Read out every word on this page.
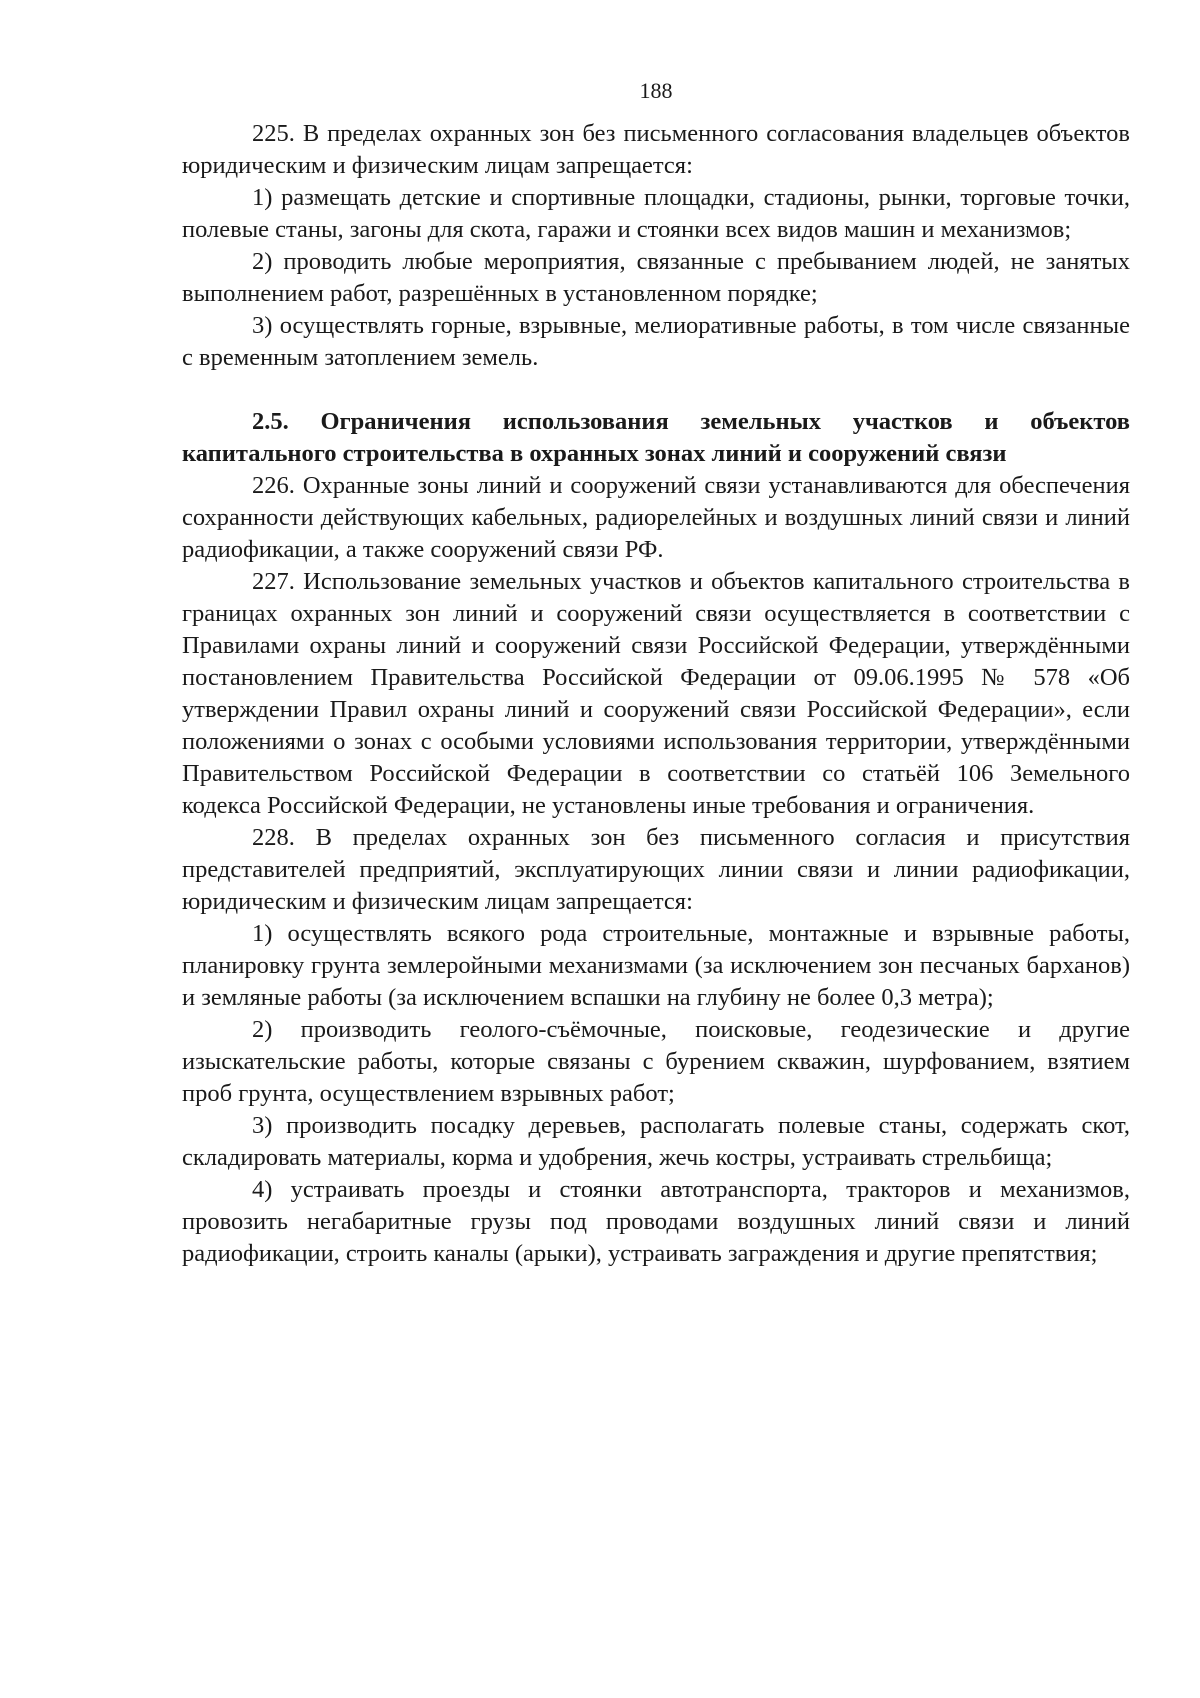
188

225. В пределах охранных зон без письменного согласования владельцев объектов юридическим и физическим лицам запрещается:

1) размещать детские и спортивные площадки, стадионы, рынки, торговые точки, полевые станы, загоны для скота, гаражи и стоянки всех видов машин и механизмов;

2) проводить любые мероприятия, связанные с пребыванием людей, не занятых выполнением работ, разрешённых в установленном порядке;

3) осуществлять горные, взрывные, мелиоративные работы, в том числе связанные с временным затоплением земель.

2.5. Ограничения использования земельных участков и объектов капитального строительства в охранных зонах линий и сооружений связи

226. Охранные зоны линий и сооружений связи устанавливаются для обеспечения сохранности действующих кабельных, радиорелейных и воздушных линий связи и линий радиофикации, а также сооружений связи РФ.

227. Использование земельных участков и объектов капитального строительства в границах охранных зон линий и сооружений связи осуществляется в соответствии с Правилами охраны линий и сооружений связи Российской Федерации, утверждёнными постановлением Правительства Российской Федерации от 09.06.1995 № 578 «Об утверждении Правил охраны линий и сооружений связи Российской Федерации», если положениями о зонах с особыми условиями использования территории, утверждёнными Правительством Российской Федерации в соответствии со статьёй 106 Земельного кодекса Российской Федерации, не установлены иные требования и ограничения.

228. В пределах охранных зон без письменного согласия и присутствия представителей предприятий, эксплуатирующих линии связи и линии радиофикации, юридическим и физическим лицам запрещается:

1) осуществлять всякого рода строительные, монтажные и взрывные работы, планировку грунта землеройными механизмами (за исключением зон песчаных барханов) и земляные работы (за исключением вспашки на глубину не более 0,3 метра);

2) производить геолого-съёмочные, поисковые, геодезические и другие изыскательские работы, которые связаны с бурением скважин, шурфованием, взятием проб грунта, осуществлением взрывных работ;

3) производить посадку деревьев, располагать полевые станы, содержать скот, складировать материалы, корма и удобрения, жечь костры, устраивать стрельбища;

4) устраивать проезды и стоянки автотранспорта, тракторов и механизмов, провозить негабаритные грузы под проводами воздушных линий связи и линий радиофикации, строить каналы (арыки), устраивать заграждения и другие препятствия;
